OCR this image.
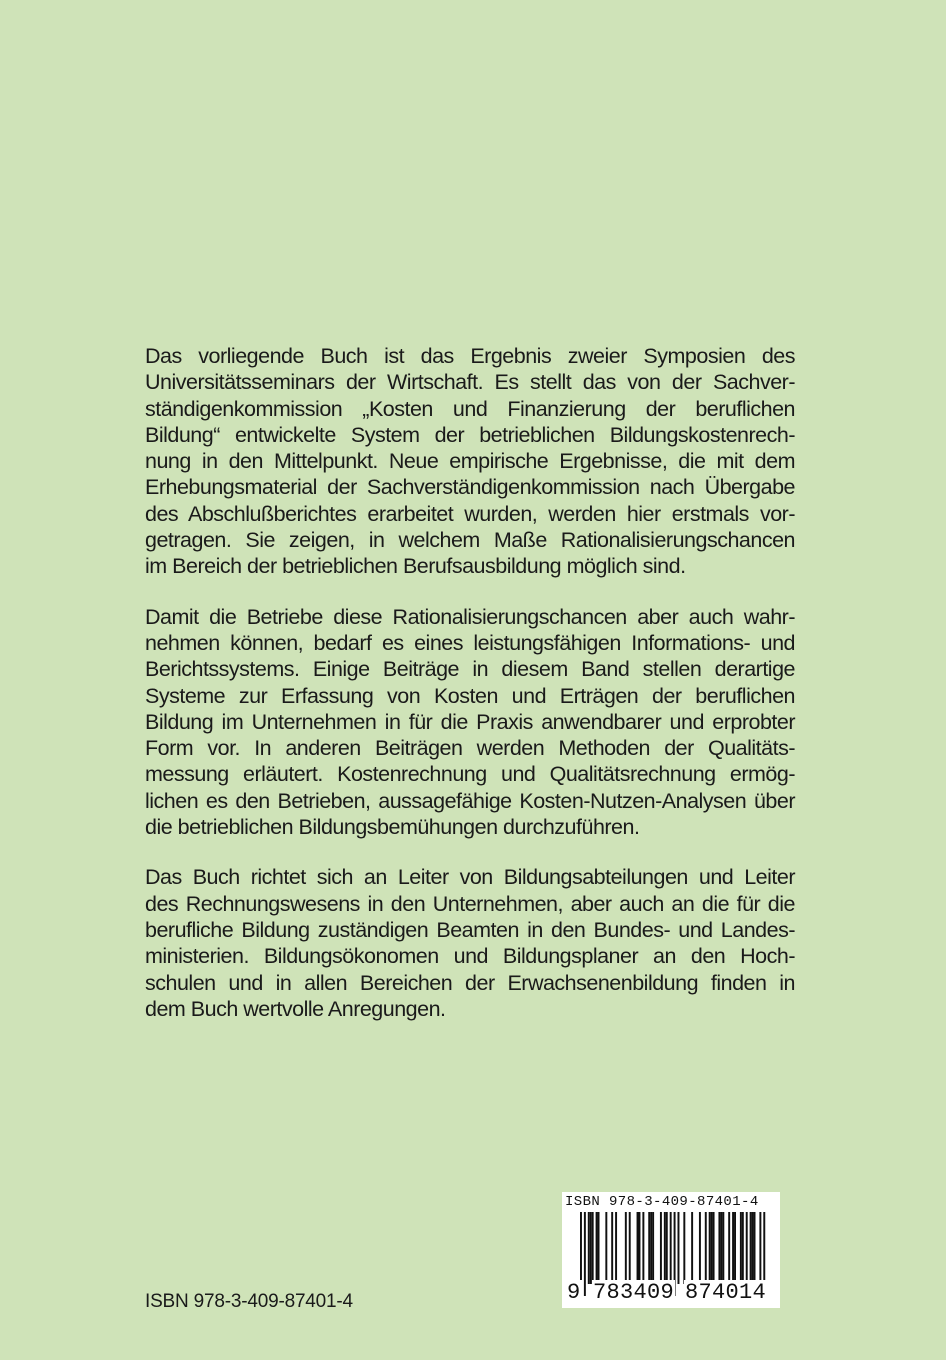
Das vorliegende Buch ist das Ergebnis zweier Symposien des
Universitätsseminars der Wirtschaft. Es stellt das von der Sachver-
ständigenkommission „Kosten und Finanzierung der beruflichen
Bildung“ entwickelte System der betrieblichen Bildungskostenrech-
nung in den Mittelpunkt. Neue empirische Ergebnisse, die mit dem
Erhebungsmaterial der Sachverständigenkommission nach Übergabe
des Abschlußberichtes erarbeitet wurden, werden hier erstmals vor-
getragen. Sie zeigen, in welchem Maße Rationalisierungschancen
im Bereich der betrieblichen Berufsausbildung möglich sind.

Damit die Betriebe diese Rationalisierungschancen aber auch wahr-
nehmen können, bedarf es eines leistungsfähigen Informations- und
Berichtssystems. Einige Beiträge in diesem Band stellen derartige
Systeme zur Erfassung von Kosten und Erträgen der beruflichen
Bildung im Unternehmen in für die Praxis anwendbarer und erprobter
Form vor. In anderen Beiträgen werden Methoden der Qualitäts-
messung erläutert. Kostenrechnung und Qualitätsrechnung ermög-
lichen es den Betrieben, aussagefähige Kosten-Nutzen-Analysen über
die betrieblichen Bildungsbemühungen durchzuführen.

Das Buch richtet sich an Leiter von Bildungsabteilungen und Leiter
des Rechnungswesens in den Unternehmen, aber auch an die für die
berufliche Bildung zuständigen Beamten in den Bundes- und Landes-
ministerien. Bildungsökonomen und Bildungsplaner an den Hoch-
schulen und in allen Bereichen der Erwachsenenbildung finden in
dem Buch wertvolle Anregungen.

ISBN 978-3-409-87401-4
ISBN 978-3-409-87401-4
9 783409 874014
